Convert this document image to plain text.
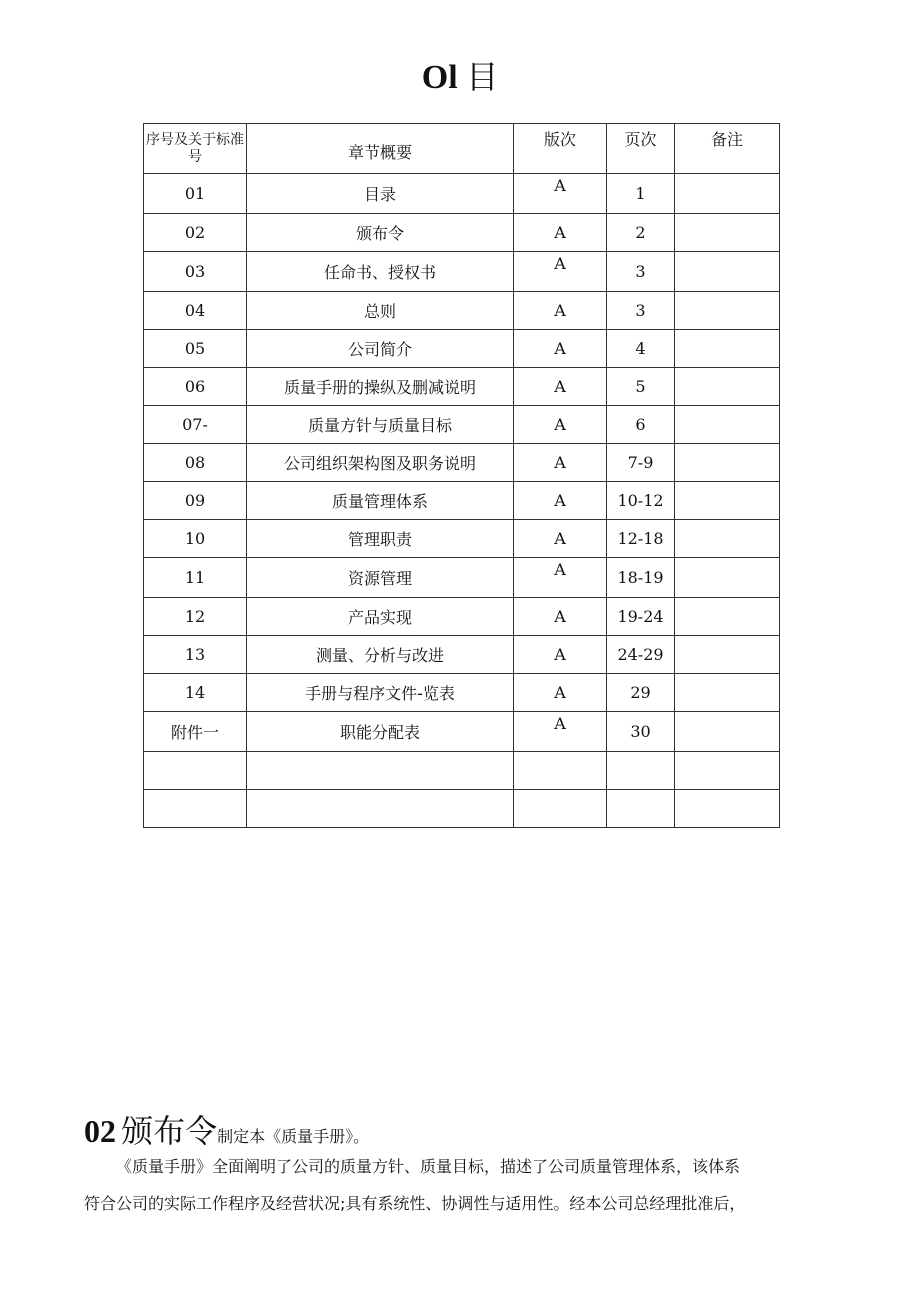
Ol 目
序号及关于标准号	章节概要	版次	页次	备注
01	目录	A	1	
02	颁布令	A	2	
03	任命书、授权书	A	3	
04	总则	A	3	
05	公司简介	A	4	
06	质量手册的操纵及删减说明	A	5	
07-	质量方针与质量目标	A	6	
08	公司组织架构图及职务说明	A	7-9	
09	质量管理体系	A	10-12	
10	管理职责	A	12-18	
11	资源管理	A	18-19	
12	产品实现	A	19-24	
13	测量、分析与改进	A	24-29	
14	手册与程序文件-览表	A	29	
附件一	职能分配表	A	30	

02 颁布令制定本《质量手册》。

《质量手册》全面阐明了公司的质量方针、质量目标，描述了公司质量管理体系，该体系

符合公司的实际工作程序及经营状况;具有系统性、协调性与适用性。经本公司总经理批准后，
